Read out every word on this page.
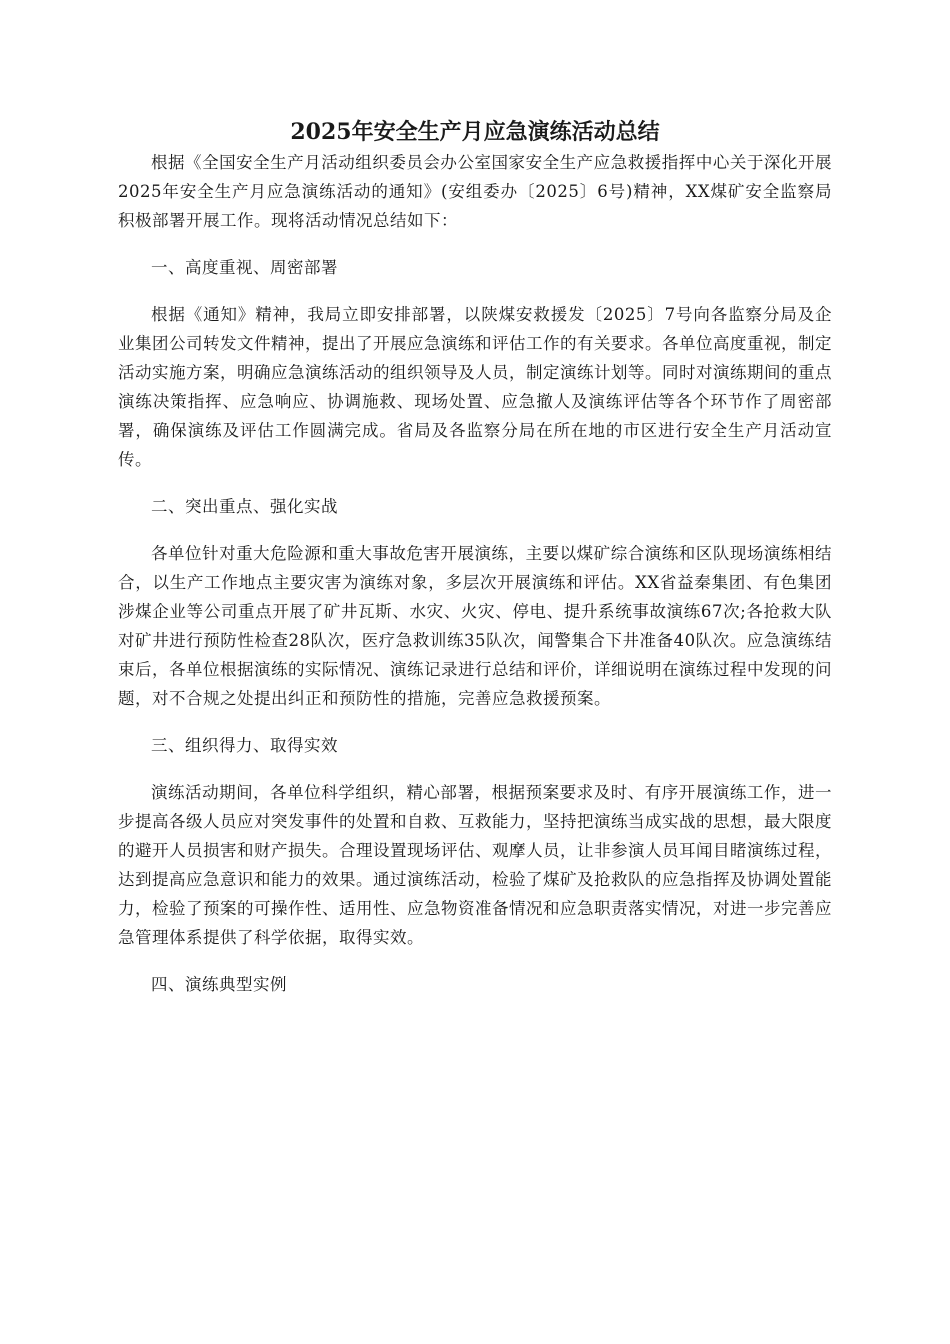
2025年安全生产月应急演练活动总结

根据《全国安全生产月活动组织委员会办公室国家安全生产应急救援指挥中心关于深化开展2025年安全生产月应急演练活动的通知》(安组委办〔2025〕6号)精神，XX煤矿安全监察局积极部署开展工作。现将活动情况总结如下：

一、高度重视、周密部署

根据《通知》精神，我局立即安排部署，以陕煤安救援发〔2025〕7号向各监察分局及企业集团公司转发文件精神，提出了开展应急演练和评估工作的有关要求。各单位高度重视，制定活动实施方案，明确应急演练活动的组织领导及人员，制定演练计划等。同时对演练期间的重点演练决策指挥、应急响应、协调施救、现场处置、应急撤人及演练评估等各个环节作了周密部署，确保演练及评估工作圆满完成。省局及各监察分局在所在地的市区进行安全生产月活动宣传。

二、突出重点、强化实战

各单位针对重大危险源和重大事故危害开展演练，主要以煤矿综合演练和区队现场演练相结合，以生产工作地点主要灾害为演练对象，多层次开展演练和评估。XX省益秦集团、有色集团涉煤企业等公司重点开展了矿井瓦斯、水灾、火灾、停电、提升系统事故演练67次;各抢救大队对矿井进行预防性检查28队次，医疗急救训练35队次，闻警集合下井准备40队次。应急演练结束后，各单位根据演练的实际情况、演练记录进行总结和评价，详细说明在演练过程中发现的问题，对不合规之处提出纠正和预防性的措施，完善应急救援预案。

三、组织得力、取得实效

演练活动期间，各单位科学组织，精心部署，根据预案要求及时、有序开展演练工作，进一步提高各级人员应对突发事件的处置和自救、互救能力，坚持把演练当成实战的思想，最大限度的避开人员损害和财产损失。合理设置现场评估、观摩人员，让非参演人员耳闻目睹演练过程，达到提高应急意识和能力的效果。通过演练活动，检验了煤矿及抢救队的应急指挥及协调处置能力，检验了预案的可操作性、适用性、应急物资准备情况和应急职责落实情况，对进一步完善应急管理体系提供了科学依据，取得实效。

四、演练典型实例
